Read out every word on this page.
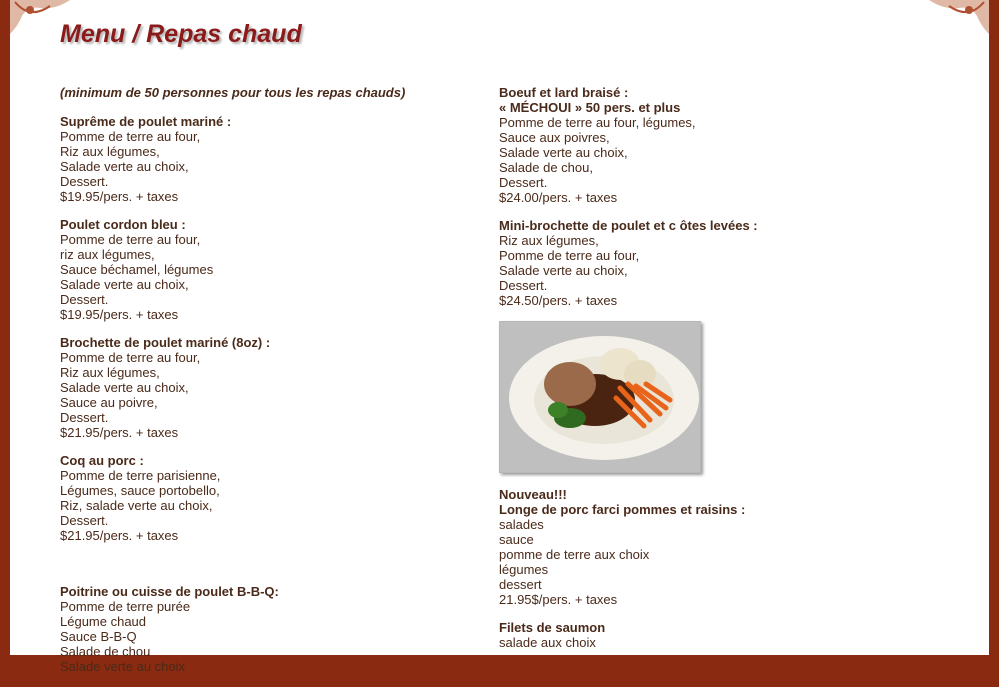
Menu / Repas chaud
(minimum de 50 personnes pour tous les repas chauds)
Suprême de poulet mariné :
Pomme de terre au four,
Riz aux légumes,
Salade verte au choix,
Dessert.
$19.95/pers. + taxes
Poulet cordon bleu :
Pomme de terre au four,
riz aux légumes,
Sauce béchamel, légumes
Salade verte au choix,
Dessert.
$19.95/pers. + taxes
Brochette de poulet mariné (8oz) :
Pomme de terre au four,
Riz aux légumes,
Salade verte au choix,
Sauce au poivre,
Dessert.
$21.95/pers. + taxes
Coq au porc :
Pomme de terre parisienne,
Légumes, sauce portobello,
Riz, salade verte au choix,
Dessert.
$21.95/pers. + taxes
Poitrine ou cuisse de poulet B-B-Q:
Pomme de terre purée
Légume chaud
Sauce B-B-Q
Salade de chou
Salade verte au choix
Boeuf et lard braisé :
« MÉCHOUI » 50 pers. et plus
Pomme de terre au four, légumes,
Sauce aux poivres,
Salade verte au choix,
Salade de chou,
Dessert.
$24.00/pers. + taxes
Mini-brochette de poulet et c ôtes levées :
Riz aux légumes,
Pomme de terre au four,
Salade verte au choix,
Dessert.
$24.50/pers. + taxes
Nouveau!!!
Longe de porc farci pommes et raisins :
salades
sauce
pomme de terre aux choix
légumes
dessert
21.95$/pers. + taxes
Filets de saumon
salade aux choix
